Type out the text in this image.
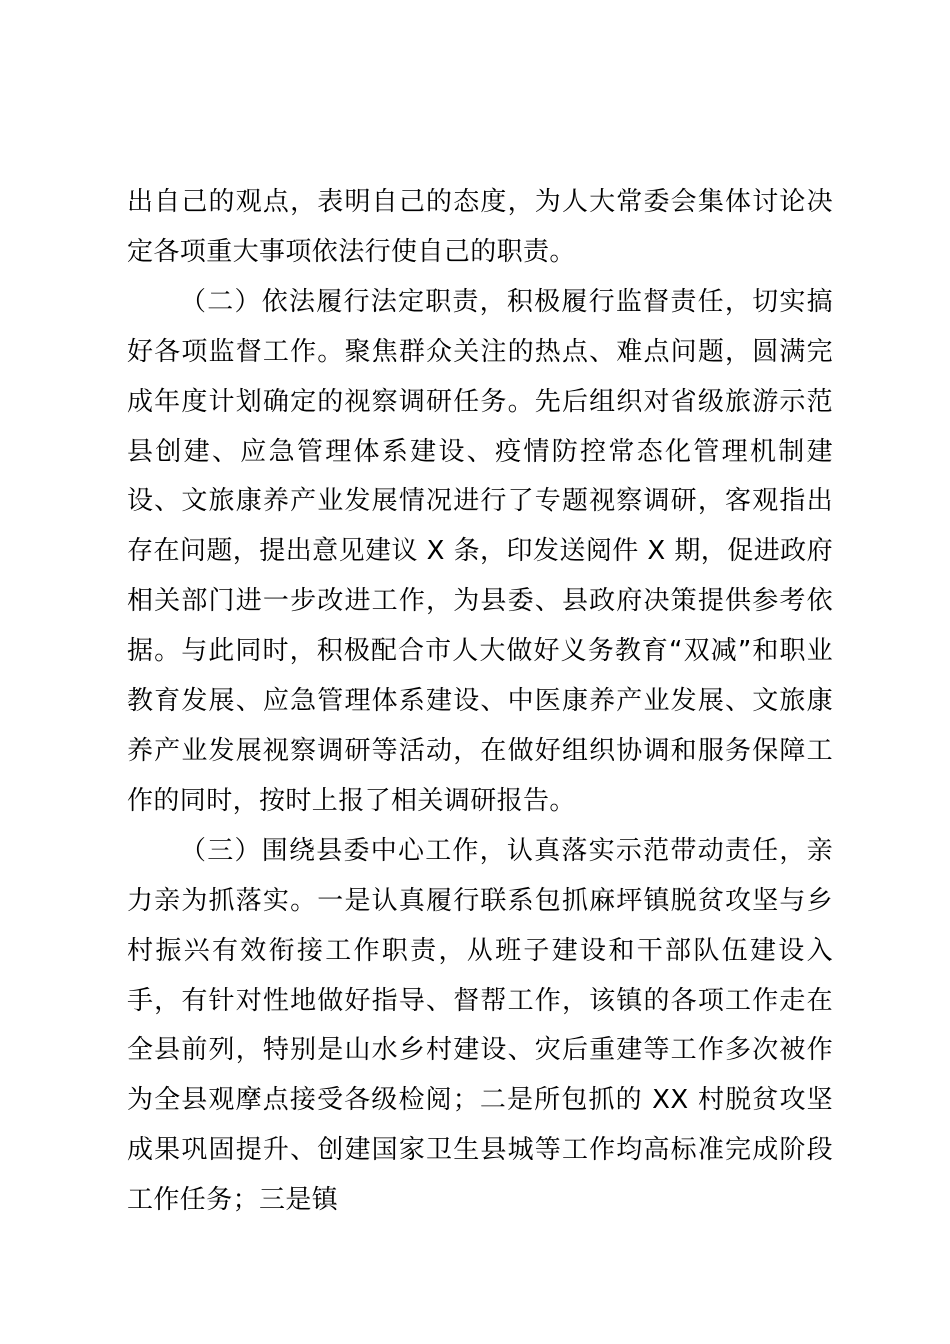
出自己的观点，表明自己的态度，为人大常委会集体讨论决定各项重大事项依法行使自己的职责。

（二）依法履行法定职责，积极履行监督责任，切实搞好各项监督工作。聚焦群众关注的热点、难点问题，圆满完成年度计划确定的视察调研任务。先后组织对省级旅游示范县创建、应急管理体系建设、疫情防控常态化管理机制建设、文旅康养产业发展情况进行了专题视察调研，客观指出存在问题，提出意见建议 X 条，印发送阅件 X 期，促进政府相关部门进一步改进工作，为县委、县政府决策提供参考依据。与此同时，积极配合市人大做好义务教育“双减”和职业教育发展、应急管理体系建设、中医康养产业发展、文旅康养产业发展视察调研等活动，在做好组织协调和服务保障工作的同时，按时上报了相关调研报告。

（三）围绕县委中心工作，认真落实示范带动责任，亲力亲为抓落实。一是认真履行联系包抓麻坪镇脱贫攻坚与乡村振兴有效衔接工作职责，从班子建设和干部队伍建设入手，有针对性地做好指导、督帮工作，该镇的各项工作走在全县前列，特别是山水乡村建设、灾后重建等工作多次被作为全县观摩点接受各级检阅；二是所包抓的 XX 村脱贫攻坚成果巩固提升、创建国家卫生县城等工作均高标准完成阶段工作任务；三是镇
